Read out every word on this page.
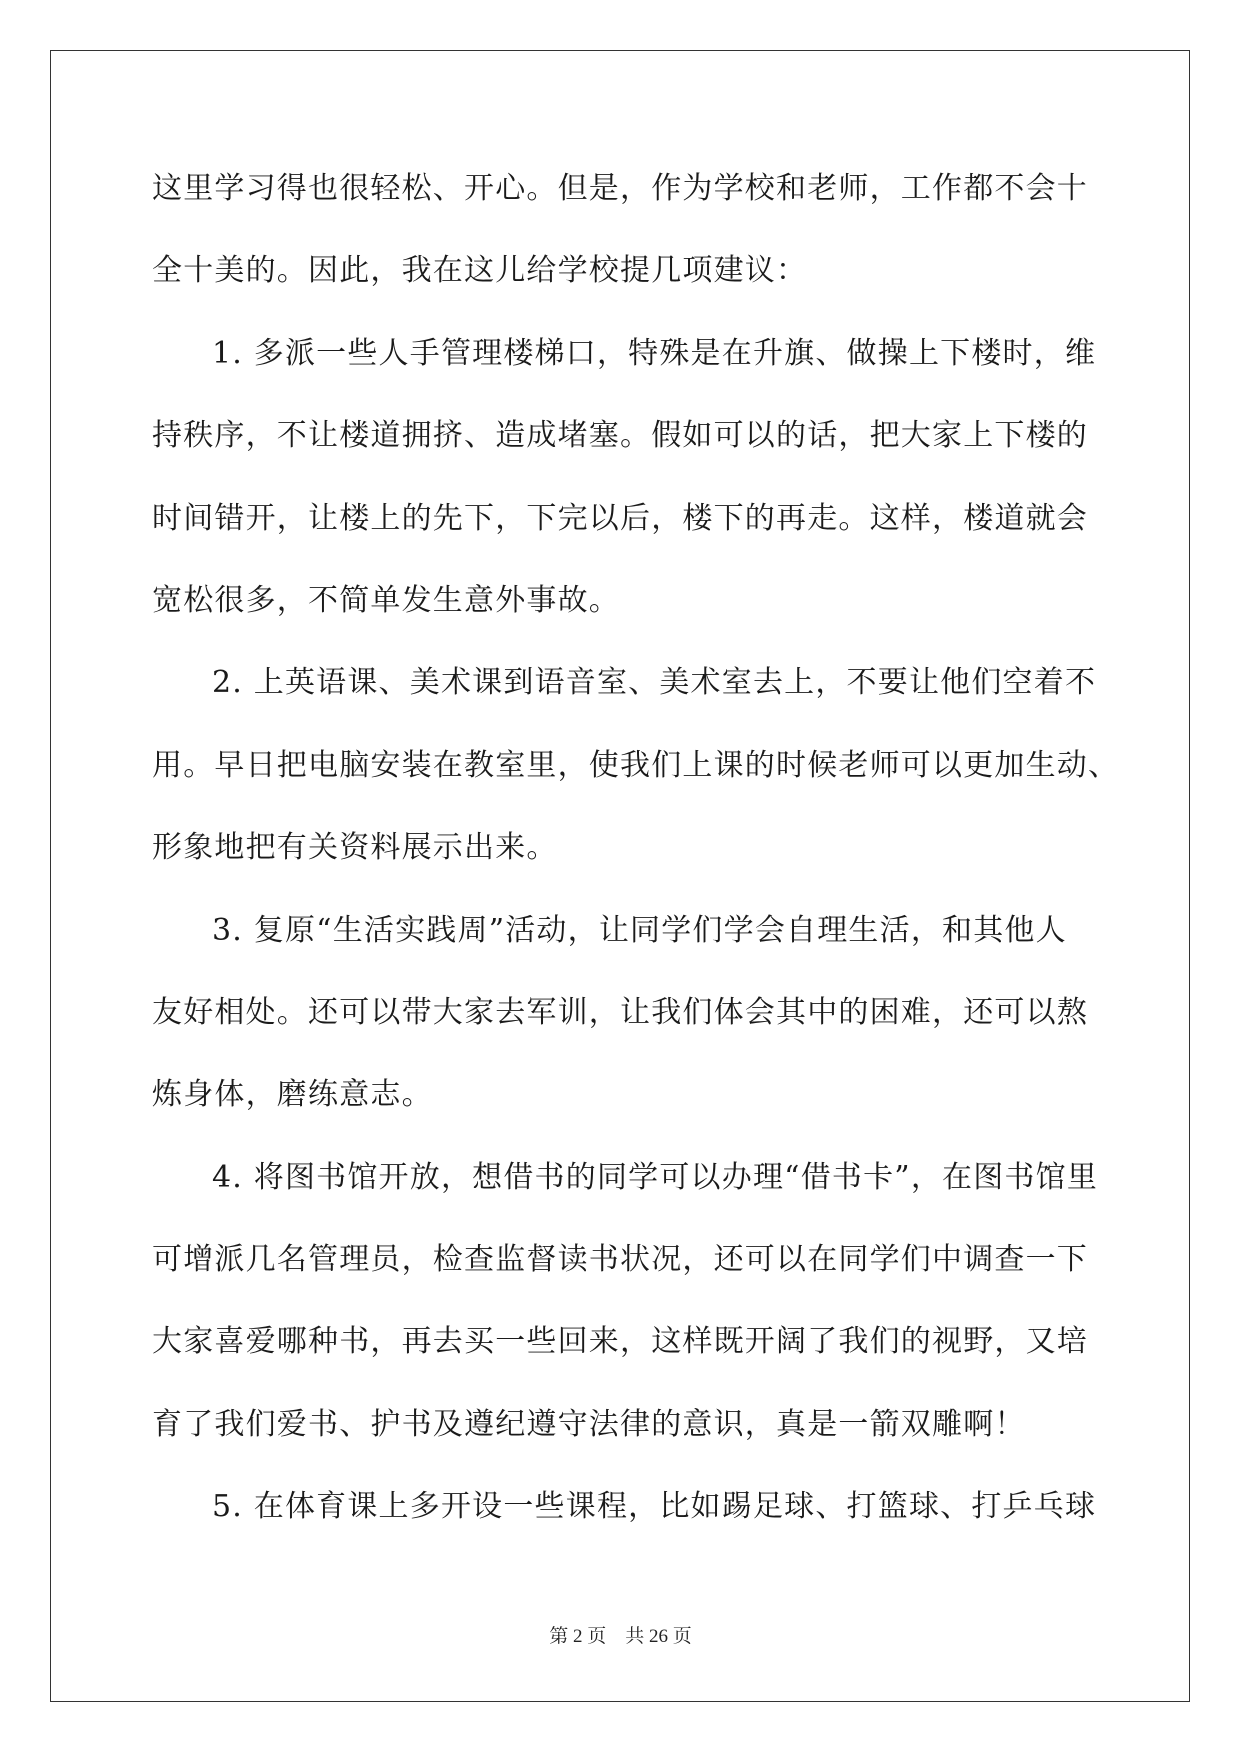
这里学习得也很轻松、开心。但是，作为学校和老师，工作都不会十
全十美的。因此，我在这儿给学校提几项建议：
1. 多派一些人手管理楼梯口，特殊是在升旗、做操上下楼时，维
持秩序，不让楼道拥挤、造成堵塞。假如可以的话，把大家上下楼的
时间错开，让楼上的先下，下完以后，楼下的再走。这样，楼道就会
宽松很多，不简单发生意外事故。
2. 上英语课、美术课到语音室、美术室去上，不要让他们空着不
用。早日把电脑安装在教室里，使我们上课的时候老师可以更加生动、
形象地把有关资料展示出来。
3. 复原“生活实践周”活动，让同学们学会自理生活，和其他人
友好相处。还可以带大家去军训，让我们体会其中的困难，还可以熬
炼身体，磨练意志。
4. 将图书馆开放，想借书的同学可以办理“借书卡”，在图书馆里
可增派几名管理员，检查监督读书状况，还可以在同学们中调查一下
大家喜爱哪种书，再去买一些回来，这样既开阔了我们的视野，又培
育了我们爱书、护书及遵纪遵守法律的意识，真是一箭双雕啊！
5. 在体育课上多开设一些课程，比如踢足球、打篮球、打乒乓球
第 2 页　共 26 页
